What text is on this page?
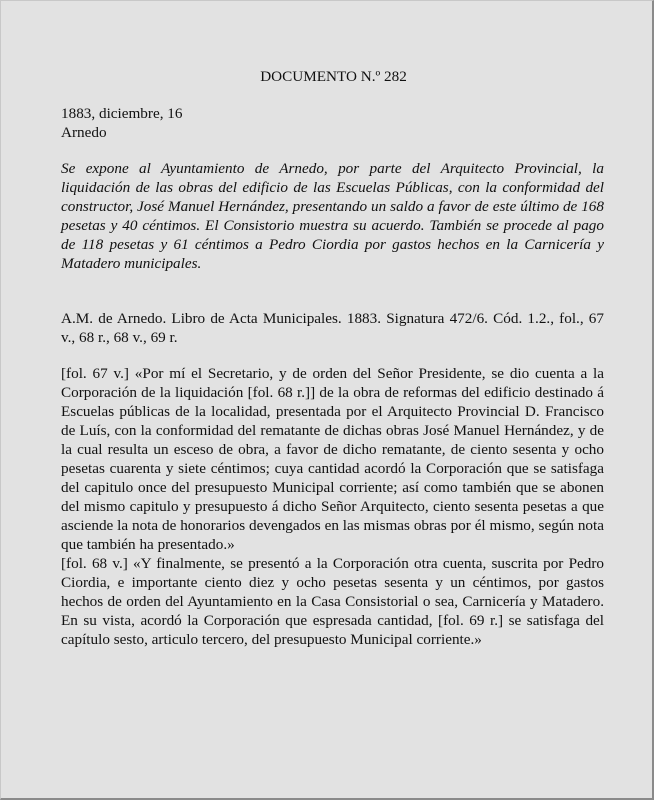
DOCUMENTO N.º 282
1883, diciembre, 16
Arnedo

Se expone al Ayuntamiento de Arnedo, por parte del Arquitecto Provincial, la liquidación de las obras del edificio de las Escuelas Públicas, con la conformidad del constructor, José Manuel Hernández, presentando un saldo a favor de este último de 168 pesetas y 40 céntimos. El Consistorio muestra su acuerdo. También se procede al pago de 118 pesetas y 61 céntimos a Pedro Ciordia por gastos hechos en la Carnicería y Matadero municipales.

A.M. de Arnedo. Libro de Acta Municipales. 1883. Signatura 472/6. Cód. 1.2., fol., 67 v., 68 r., 68 v., 69 r.

[fol. 67 v.] «Por mí el Secretario, y de orden del Señor Presidente, se dio cuenta a la Corporación de la liquidación [fol. 68 r.]] de la obra de reformas del edificio destinado á Escuelas públicas de la localidad, presentada por el Arquitecto Provincial D. Francisco de Luís, con la conformidad del rematante de dichas obras José Manuel Hernández, y de la cual resulta un esceso de obra, a favor de dicho rematante, de ciento sesenta y ocho pesetas cuarenta y siete céntimos; cuya cantidad acordó la Corporación que se satisfaga del capitulo once del presupuesto Municipal corriente; así como también que se abonen del mismo capitulo y presupuesto á dicho Señor Arquitecto, ciento sesenta pesetas a que asciende la nota de honorarios devengados en las mismas obras por él mismo, según nota que también ha presentado.»

[fol. 68 v.] «Y finalmente, se presentó a la Corporación otra cuenta, suscrita por Pedro Ciordia, e importante ciento diez y ocho pesetas sesenta y un céntimos, por gastos hechos de orden del Ayuntamiento en la Casa Consistorial o sea, Carnicería y Matadero. En su vista, acordó la Corporación que espresada cantidad, [fol. 69 r.] se satisfaga del capítulo sesto, articulo tercero, del presupuesto Municipal corriente.»
